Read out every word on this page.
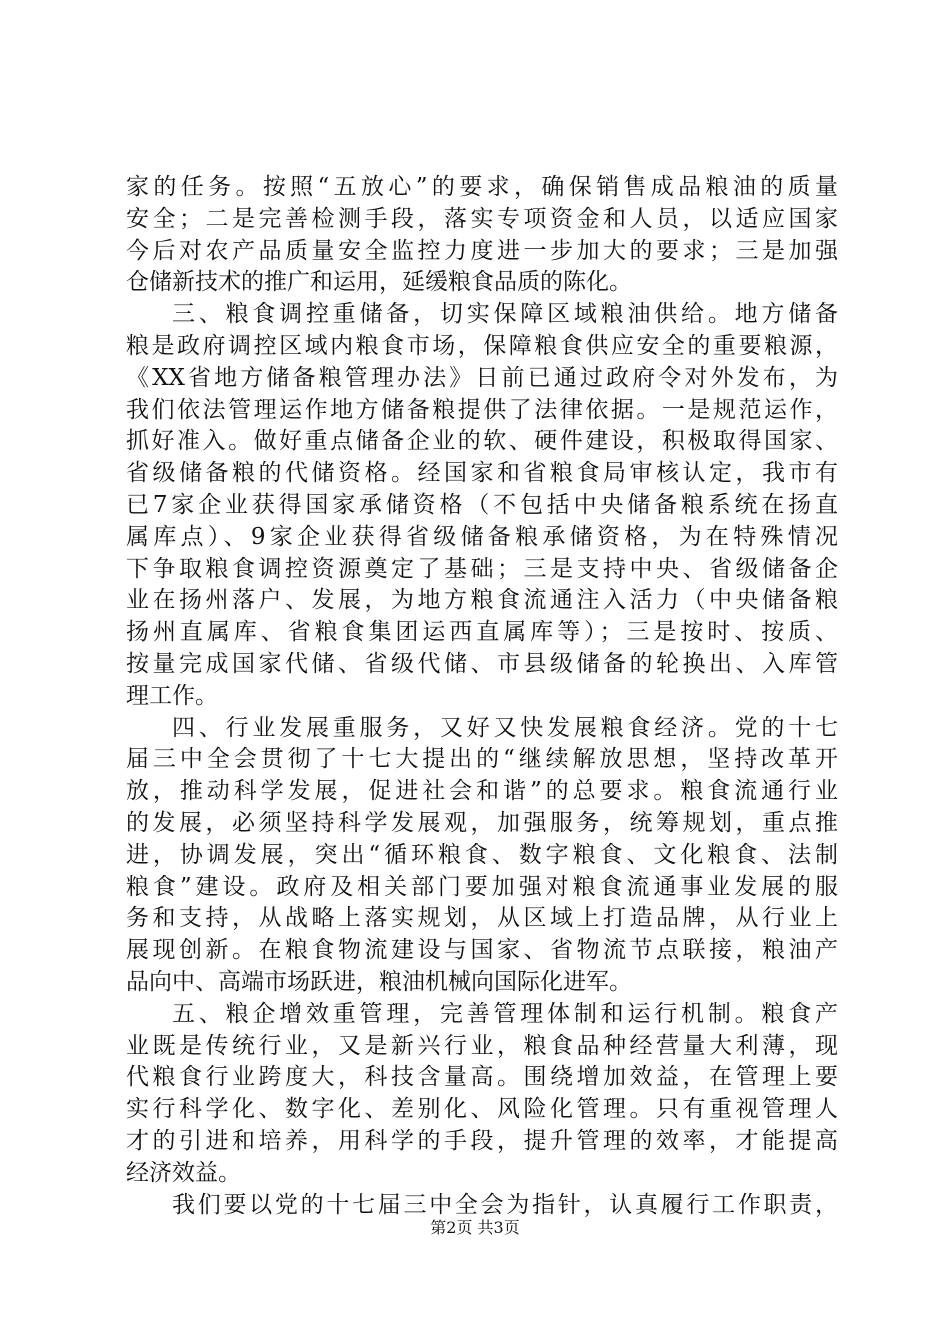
家的任务。按照“五放心”的要求，确保销售成品粮油的质量
安全；二是完善检测手段，落实专项资金和人员，以适应国家
今后对农产品质量安全监控力度进一步加大的要求；三是加强
仓储新技术的推广和运用，延缓粮食品质的陈化。
三、粮食调控重储备，切实保障区域粮油供给。地方储备
粮是政府调控区域内粮食市场，保障粮食供应安全的重要粮源，
《XX省地方储备粮管理办法》日前已通过政府令对外发布，为
我们依法管理运作地方储备粮提供了法律依据。一是规范运作，
抓好准入。做好重点储备企业的软、硬件建设，积极取得国家、
省级储备粮的代储资格。经国家和省粮食局审核认定，我市有
已7家企业获得国家承储资格（不包括中央储备粮系统在扬直
属库点）、9家企业获得省级储备粮承储资格，为在特殊情况
下争取粮食调控资源奠定了基础；三是支持中央、省级储备企
业在扬州落户、发展，为地方粮食流通注入活力（中央储备粮
扬州直属库、省粮食集团运西直属库等）；三是按时、按质、
按量完成国家代储、省级代储、市县级储备的轮换出、入库管
理工作。
四、行业发展重服务，又好又快发展粮食经济。党的十七
届三中全会贯彻了十七大提出的“继续解放思想，坚持改革开
放，推动科学发展，促进社会和谐”的总要求。粮食流通行业
的发展，必须坚持科学发展观，加强服务，统筹规划，重点推
进，协调发展，突出“循环粮食、数字粮食、文化粮食、法制
粮食”建设。政府及相关部门要加强对粮食流通事业发展的服
务和支持，从战略上落实规划，从区域上打造品牌，从行业上
展现创新。在粮食物流建设与国家、省物流节点联接，粮油产
品向中、高端市场跃进，粮油机械向国际化进军。
五、粮企增效重管理，完善管理体制和运行机制。粮食产
业既是传统行业，又是新兴行业，粮食品种经营量大利薄，现
代粮食行业跨度大，科技含量高。围绕增加效益，在管理上要
实行科学化、数字化、差别化、风险化管理。只有重视管理人
才的引进和培养，用科学的手段，提升管理的效率，才能提高
经济效益。
我们要以党的十七届三中全会为指针，认真履行工作职责，
第2页 共3页
